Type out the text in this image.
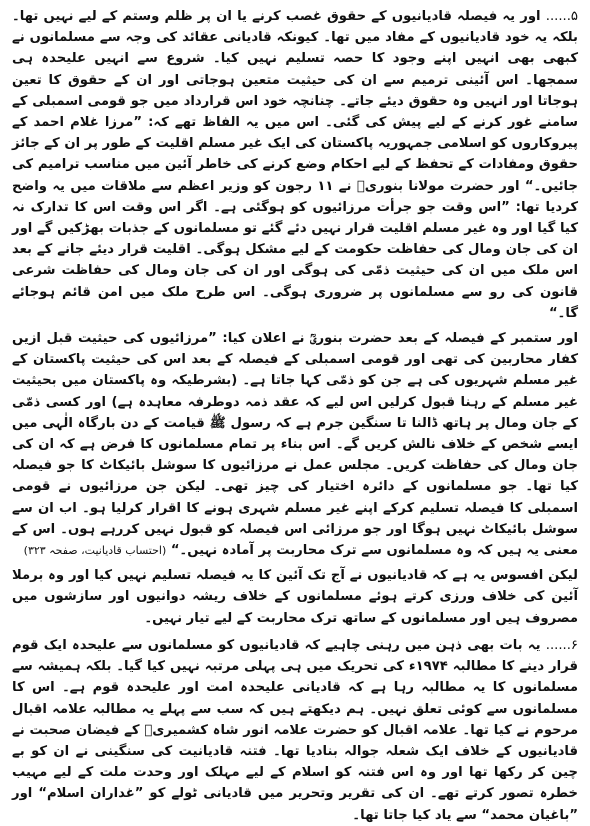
۵...... اور یہ فیصلہ قادیانیوں کے حقوق غصب کرنے یا ان پر ظلم وستم کے لیے نہیں تھا۔ بلکہ یہ خود قادیانیوں کے مفاد میں تھا۔ کیونکہ قادیانی عقائد کی وجہ سے مسلمانوں نے کبھی بھی انہیں اپنے وجود کا حصہ تسلیم نہیں کیا۔ شروع سے انہیں علیحدہ ہی سمجھا۔ اس آئینی ترمیم سے ان کی حیثیت متعین ہوجاتی اور ان کے حقوق کا تعین ہوجاتا اور انہیں وہ حقوق دیئے جاتے۔ چنانچہ خود اس قرارداد میں جو قومی اسمبلی کے سامنے غور کرنے کے لیے پیش کی گئی۔ اس میں یہ الفاظ تھے کہ: ”مرزا غلام احمد کے پیروکاروں کو اسلامی جمہوریہ پاکستان کی ایک غیر مسلم اقلیت کے طور پر ان کے جائز حقوق ومفادات کے تحفظ کے لیے احکام وضع کرنے کی خاطر آئین میں مناسب ترامیم کی جائیں۔“ اور حضرت مولانا بنوریؒ نے ۱۱ رجون کو وزیر اعظم سے ملاقات میں یہ واضح کردیا تھا: ”اس وقت جو جرأت مرزائیوں کو ہوگئی ہے۔ اگر اس وقت اس کا تدارک نہ کیا گیا اور وہ غیر مسلم اقلیت قرار نہیں دئے گئے تو مسلمانوں کے جذبات بھڑکیں گے اور ان کی جان ومال کی حفاظت حکومت کے لیے مشکل ہوگی۔ اقلیت قرار دیئے جانے کے بعد اس ملک میں ان کی حیثیت ذمّی کی ہوگی اور ان کی جان ومال کی حفاظت شرعی قانون کی رو سے مسلمانوں پر ضروری ہوگی۔ اس طرح ملک میں امن قائم ہوجائے گا۔“

اور ستمبر کے فیصلہ کے بعد حضرت بنوریؒ نے اعلان کیا: ”مرزائیوں کی حیثیت قبل ازیں کفار محاربین کی تھی اور قومی اسمبلی کے فیصلہ کے بعد اس کی حیثیت پاکستان کے غیر مسلم شہریوں کی ہے جن کو ذمّی کہا جاتا ہے۔ (بشرطیکہ وہ پاکستان میں بحیثیت غیر مسلم کے رہنا قبول کرلیں اس لیے کہ عقد ذمہ دوطرفہ معاہدہ ہے) اور کسی ذمّی کے جان ومال پر ہاتھ ڈالنا تا سنگین جرم ہے کہ رسول ﷺ قیامت کے دن بارگاہ الٰہی میں ایسے شخص کے خلاف نالش کریں گے۔ اس بناء پر تمام مسلمانوں کا فرض ہے کہ ان کی جان ومال کی حفاظت کریں۔ مجلس عمل نے مرزائیوں کا سوشل بائیکاٹ کا جو فیصلہ کیا تھا۔ جو مسلمانوں کے دائرہ اختیار کی چیز تھی۔ لیکن جن مرزائیوں نے قومی اسمبلی کا فیصلہ تسلیم کرکے اپنے غیر مسلم شہری ہونے کا اقرار کرلیا ہو۔ اب ان سے سوشل بائیکاٹ نہیں ہوگا اور جو مرزائی اس فیصلہ کو قبول نہیں کررہے ہوں۔ اس کے معنی یہ ہیں کہ وہ مسلمانوں سے ترک محاربت پر آمادہ نہیں۔“ (احتساب قادیانیت، صفحہ ۳۲۳)

لیکن افسوس یہ ہے کہ قادیانیوں نے آج تک آئین کا یہ فیصلہ تسلیم نہیں کیا اور وہ برملا آئین کی خلاف ورزی کرتے ہوئے مسلمانوں کے خلاف ریشہ دوانیوں اور سازشوں میں مصروف ہیں اور مسلمانوں کے ساتھ ترک محاربت کے لیے تیار نہیں۔

۶...... یہ بات بھی ذہن میں رہنی چاہیے کہ قادیانیوں کو مسلمانوں سے علیحدہ ایک قوم قرار دینے کا مطالبہ ۱۹۷۴ء کی تحریک میں ہی پہلی مرتبہ نہیں کیا گیا۔ بلکہ ہمیشہ سے مسلمانوں کا یہ مطالبہ رہا ہے کہ قادیانی علیحدہ امت اور علیحدہ قوم ہے۔ اس کا مسلمانوں سے کوئی تعلق نہیں۔ ہم دیکھتے ہیں کہ سب سے پہلے یہ مطالبہ علامہ اقبال مرحوم نے کیا تھا۔ علامہ اقبال کو حضرت علامہ انور شاہ کشمیریؒ کے فیضان صحبت نے قادیانیوں کے خلاف ایک شعلہ جوالہ بنادیا تھا۔ فتنہ قادیانیت کی سنگینی نے ان کو بے چین کر رکھا تھا اور وہ اس فتنہ کو اسلام کے لیے مہلک اور وحدت ملت کے لیے مہیب خطرہ تصور کرتے تھے۔ ان کی تقریر وتحریر میں قادیانی ٹولے کو ”غداران اسلام“ اور ”باغیان محمد“ سے یاد کیا جاتا تھا۔
